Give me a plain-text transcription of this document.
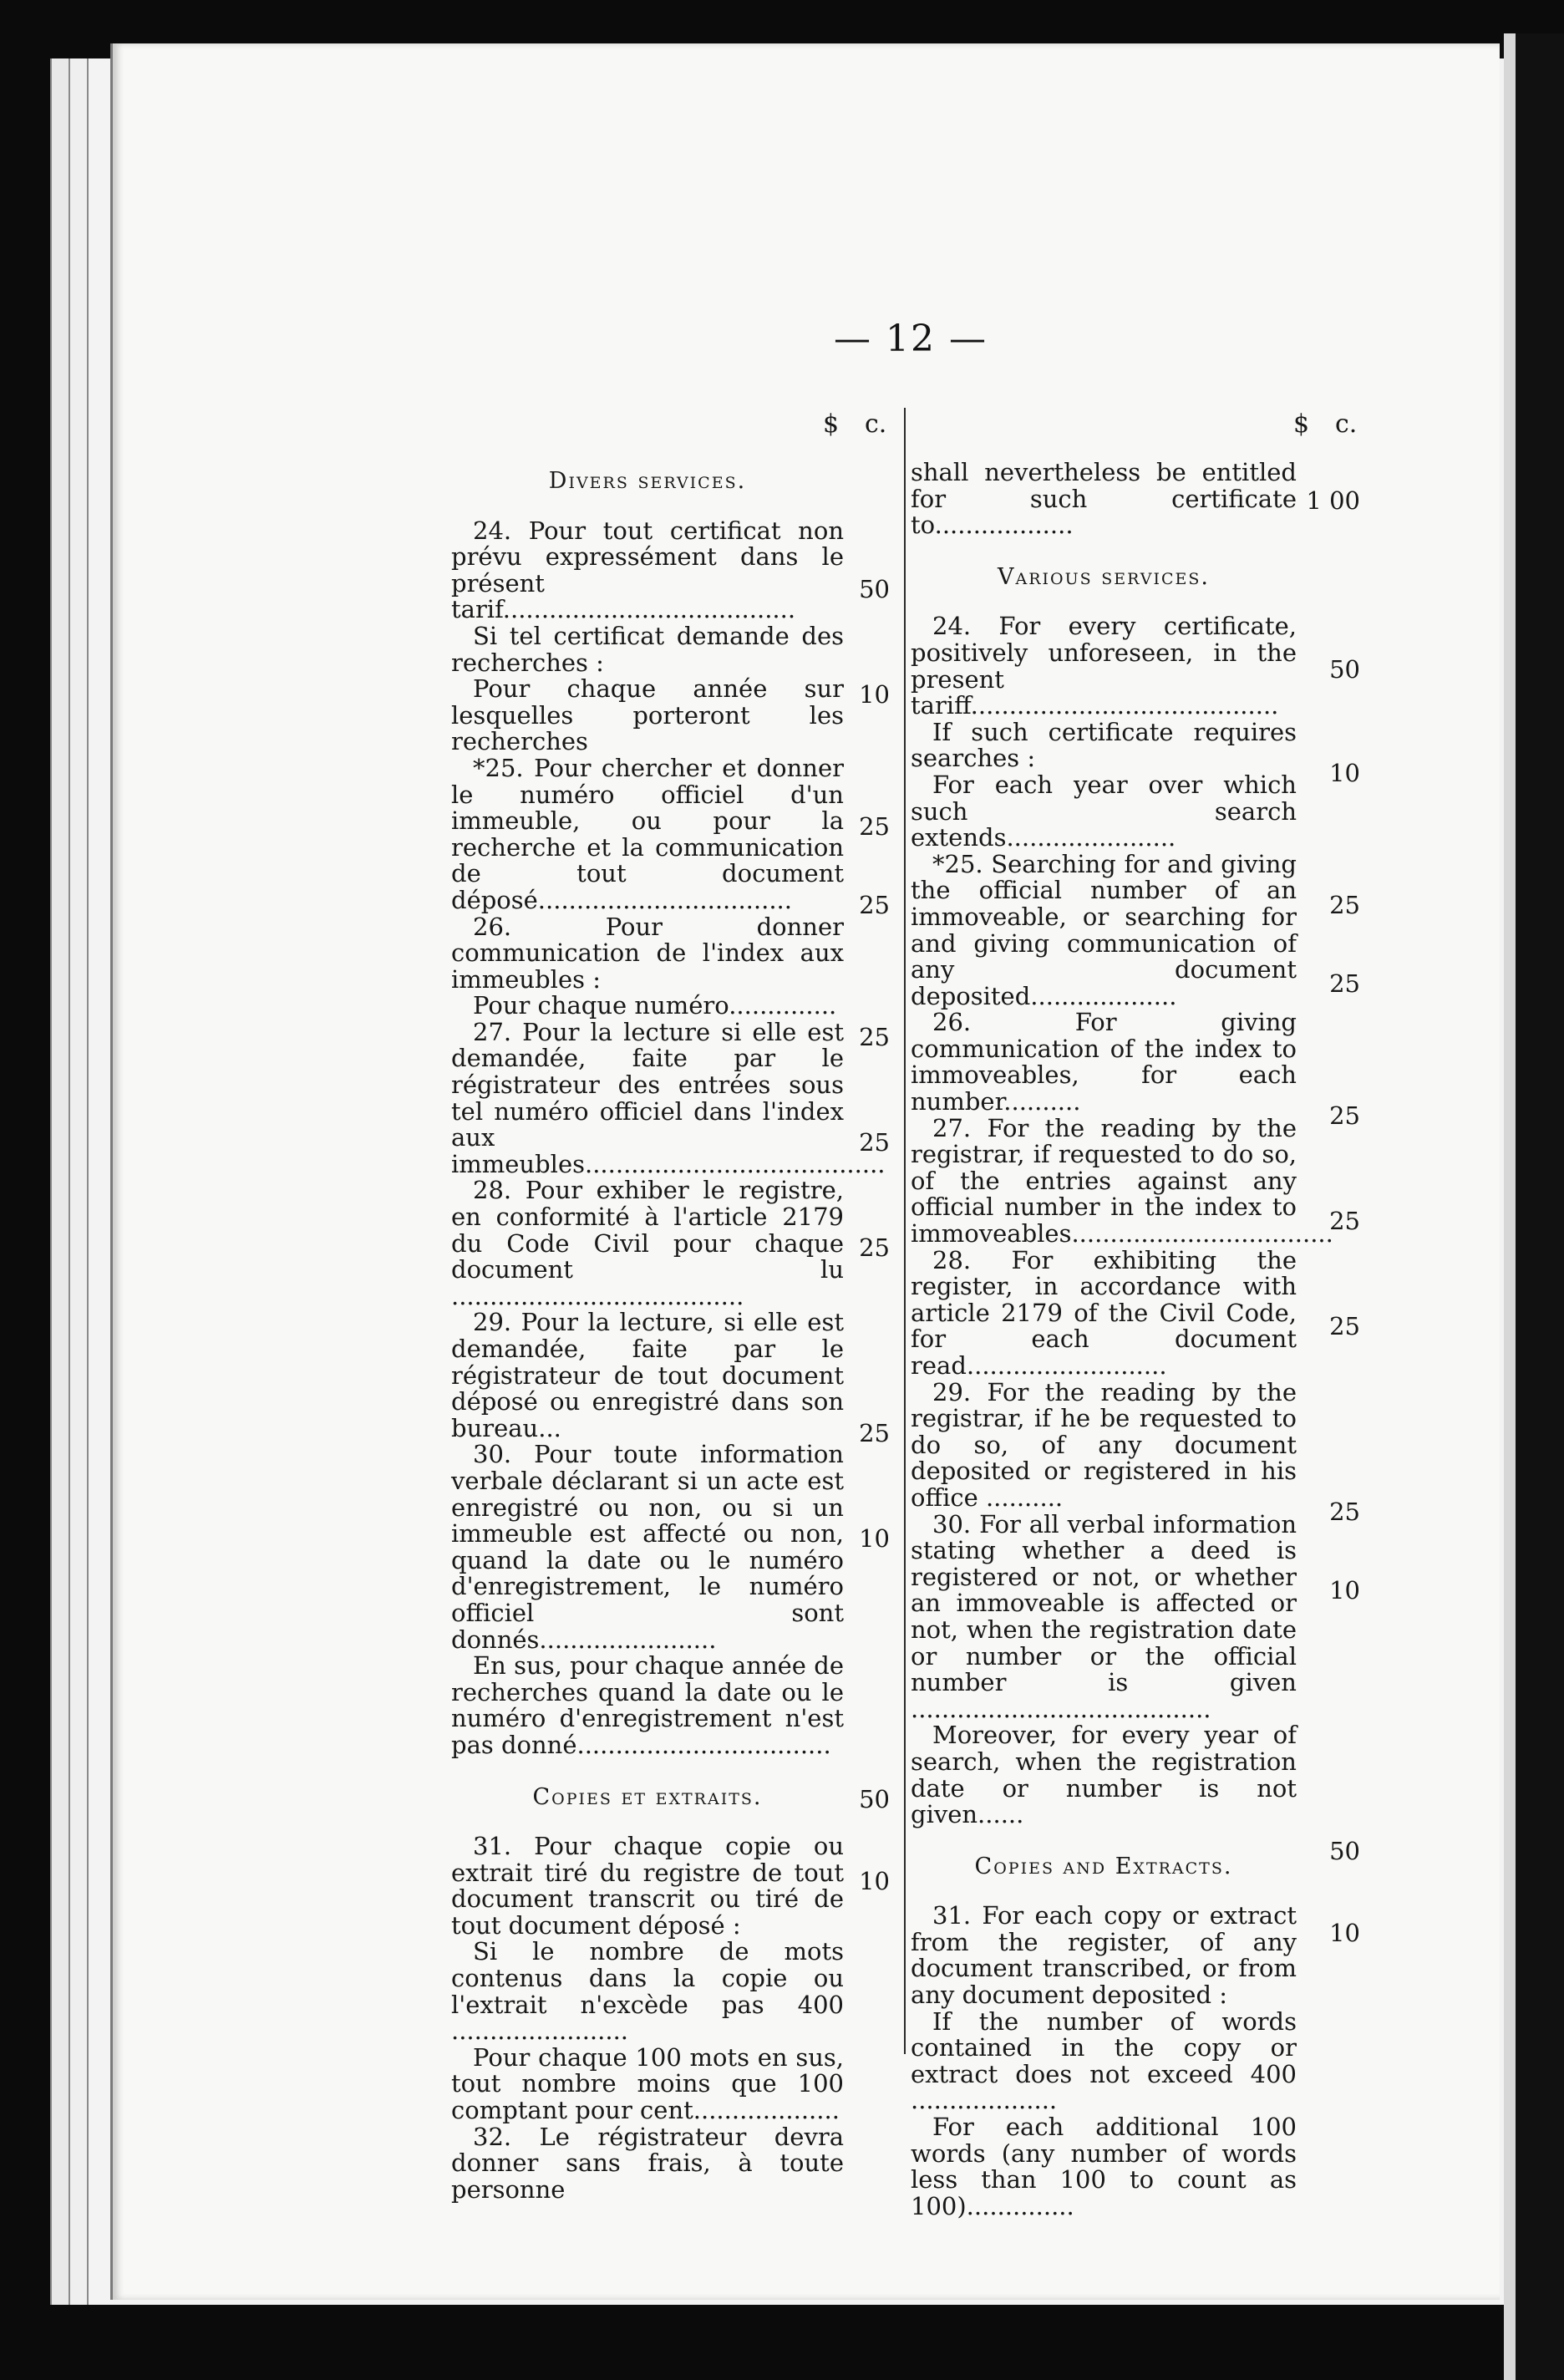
— 12 —
$ c.	$ c.

Divers services.

24. Pour tout certificat non prévu expressément dans le présent tarif......................................

Si tel certificat demande des recherches :

Pour chaque année sur lesquelles porteront les recherches

*25. Pour chercher et donner le numéro officiel d'un immeuble, ou pour la recherche et la communication de tout document déposé.................................

26. Pour donner communication de l'index aux immeubles :

Pour chaque numéro..............

27. Pour la lecture si elle est demandée, faite par le régistrateur des entrées sous tel numéro officiel dans l'index aux immeubles.......................................

28. Pour exhiber le registre, en conformité à l'article 2179 du Code Civil pour chaque document lu ......................................

29. Pour la lecture, si elle est demandée, faite par le régistrateur de tout document déposé ou enregistré dans son bureau...

30. Pour toute information verbale déclarant si un acte est enregistré ou non, ou si un immeuble est affecté ou non, quand la date ou le numéro d'enregistrement, le numéro officiel sont donnés.......................

En sus, pour chaque année de recherches quand la date ou le numéro d'enregistrement n'est pas donné.................................

Copies et extraits.

31. Pour chaque copie ou extrait tiré du registre de tout document transcrit ou tiré de tout document déposé :

Si le nombre de mots contenus dans la copie ou l'extrait n'excède pas 400 .......................

Pour chaque 100 mots en sus, tout nombre moins que 100 comptant pour cent...................

32. Le régistrateur devra donner sans frais, à toute personne

50
10
25
25
25
25
25
25
10
50
10

shall nevertheless be entitled for such certificate to..................

Various services.

24. For every certificate, positively unforeseen, in the present tariff........................................

If such certificate requires searches :

For each year over which such search extends......................

*25. Searching for and giving the official number of an immoveable, or searching for and giving communication of any document deposited...................

26. For giving communication of the index to immoveables, for each number..........

27. For the reading by the registrar, if requested to do so, of the entries against any official number in the index to immoveables..................................

28. For exhibiting the register, in accordance with article 2179 of the Civil Code, for each document read..........................

29. For the reading by the registrar, if he be requested to do so, of any document deposited or registered in his office ..........

30. For all verbal information stating whether a deed is registered or not, or whether an immoveable is affected or not, when the registration date or number or the official number is given .......................................

Moreover, for every year of search, when the registration date or number is not given......

Copies and Extracts.

31. For each copy or extract from the register, of any document transcribed, or from any document deposited :

If the number of words contained in the copy or extract does not exceed 400 ...................

For each additional 100 words (any number of words less than 100 to count as 100)..............

1 00
50
10
25
25
25
25
25
25
10
50
10
